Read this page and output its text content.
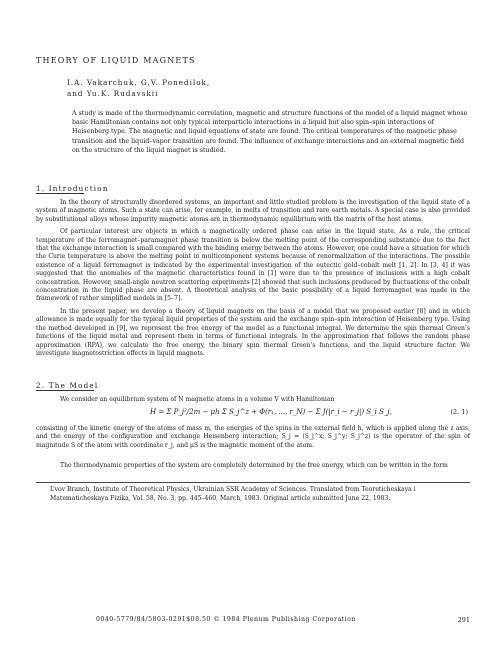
THEORY OF LIQUID MAGNETS
I.A. Vakarchuk, G.V. Ponedilok,
and Yu.K. Rudavskii
A study is made of the thermodynamic correlation, magnetic and structure functions of the model of a liquid magnet whose basic Hamiltonian contains not only typical interparticle interactions in a liquid but also spin–spin interactions of Heisenberg type. The magnetic and liquid equations of state are found. The critical temperatures of the magnetic phase transition and the liquid–vapor transition are found. The influence of exchange interactions and an external magnetic field on the structure of the liquid magnet is studied.
1. Introduction

In the theory of structurally disordered systems, an important and little studied problem is the investigation of the liquid state of a system of magnetic atoms. Such a state can arise, for example, in melts of transition and rare earth metals. A special case is also provided by substitutional alloys whose impurity magnetic atoms are in thermodynamic equilibrium with the matrix of the host atoms.

Of particular interest are objects in which a magnetically ordered phase can arise in the liquid state. As a rule, the critical temperature of the ferromagnet–paramagnet phase transition is below the melting point of the corresponding substance due to the fact that the exchange interaction is small compared with the binding energy between the atoms. However, one could have a situation for which the Curie temperature is above the melting point in multicomponent systems because of renormalization of the interactions. The possible existence of a liquid ferromagnet is indicated by the experimental investigation of the eutectic gold–cobalt melt [1, 2]. In [3, 4] it was suggested that the anomalies of the magnetic characteristics found in [1] were due to the presence of inclusions with a high cobalt concentration. However, small-angle neutron scattering experiments [2] showed that such inclusions produced by fluctuations of the cobalt concentration in the liquid phase are absent. A theoretical analysis of the basic possibility of a liquid ferromagnet was made in the framework of rather simplified models in [5–7].

In the present paper, we develop a theory of liquid magnets on the basis of a model that we proposed earlier [8] and in which allowance is made equally for the typical liquid properties of the system and the exchange spin–spin interaction of Heisenberg type. Using the method developed in [9], we represent the free energy of the model as a functional integral. We determine the spin thermal Green’s functions of the liquid metal and represent them in terms of functional integrals. In the approximation that follows the random phase approximation (RPA), we calculate the free energy, the binary spin thermal Green’s functions, and the liquid structure factor. We investigate magnetostriction effects in liquid magnets.

2. The Model

We consider an equilibrium system of N magnetic atoms in a volume V with Hamiltonian

H = Σ P_j²/2m − μh Σ S_j^z + Φ(r₁, ..., r_N) − Σ J(|r_i − r_j|) S_i S_j,	(2. 1)
consisting of the kinetic energy of the atoms of mass m, the energies of the spins in the external field h, which is applied along the z axis, and the energy of the configuration and exchange Heisenberg interaction; S_j = (S_j^x; S_j^y; S_j^z) is the operator of the spin of magnitude S of the atom with coordinate r_j, and μS is the magnetic moment of the atom.

The thermodynamic properties of the system are completely determined by the free energy, which can be written in the form

L’vov Branch, Institute of Theoretical Physics, Ukrainian SSR Academy of Sciences. Translated from Teoreticheskaya i Matematicheskaya Fizika, Vol. 58, No. 3, pp. 445–460, March, 1983. Original article submitted June 22, 1983.
0040-5779/84/5803-0291$08.50 © 1984 Plenum Publishing Corporation	291
